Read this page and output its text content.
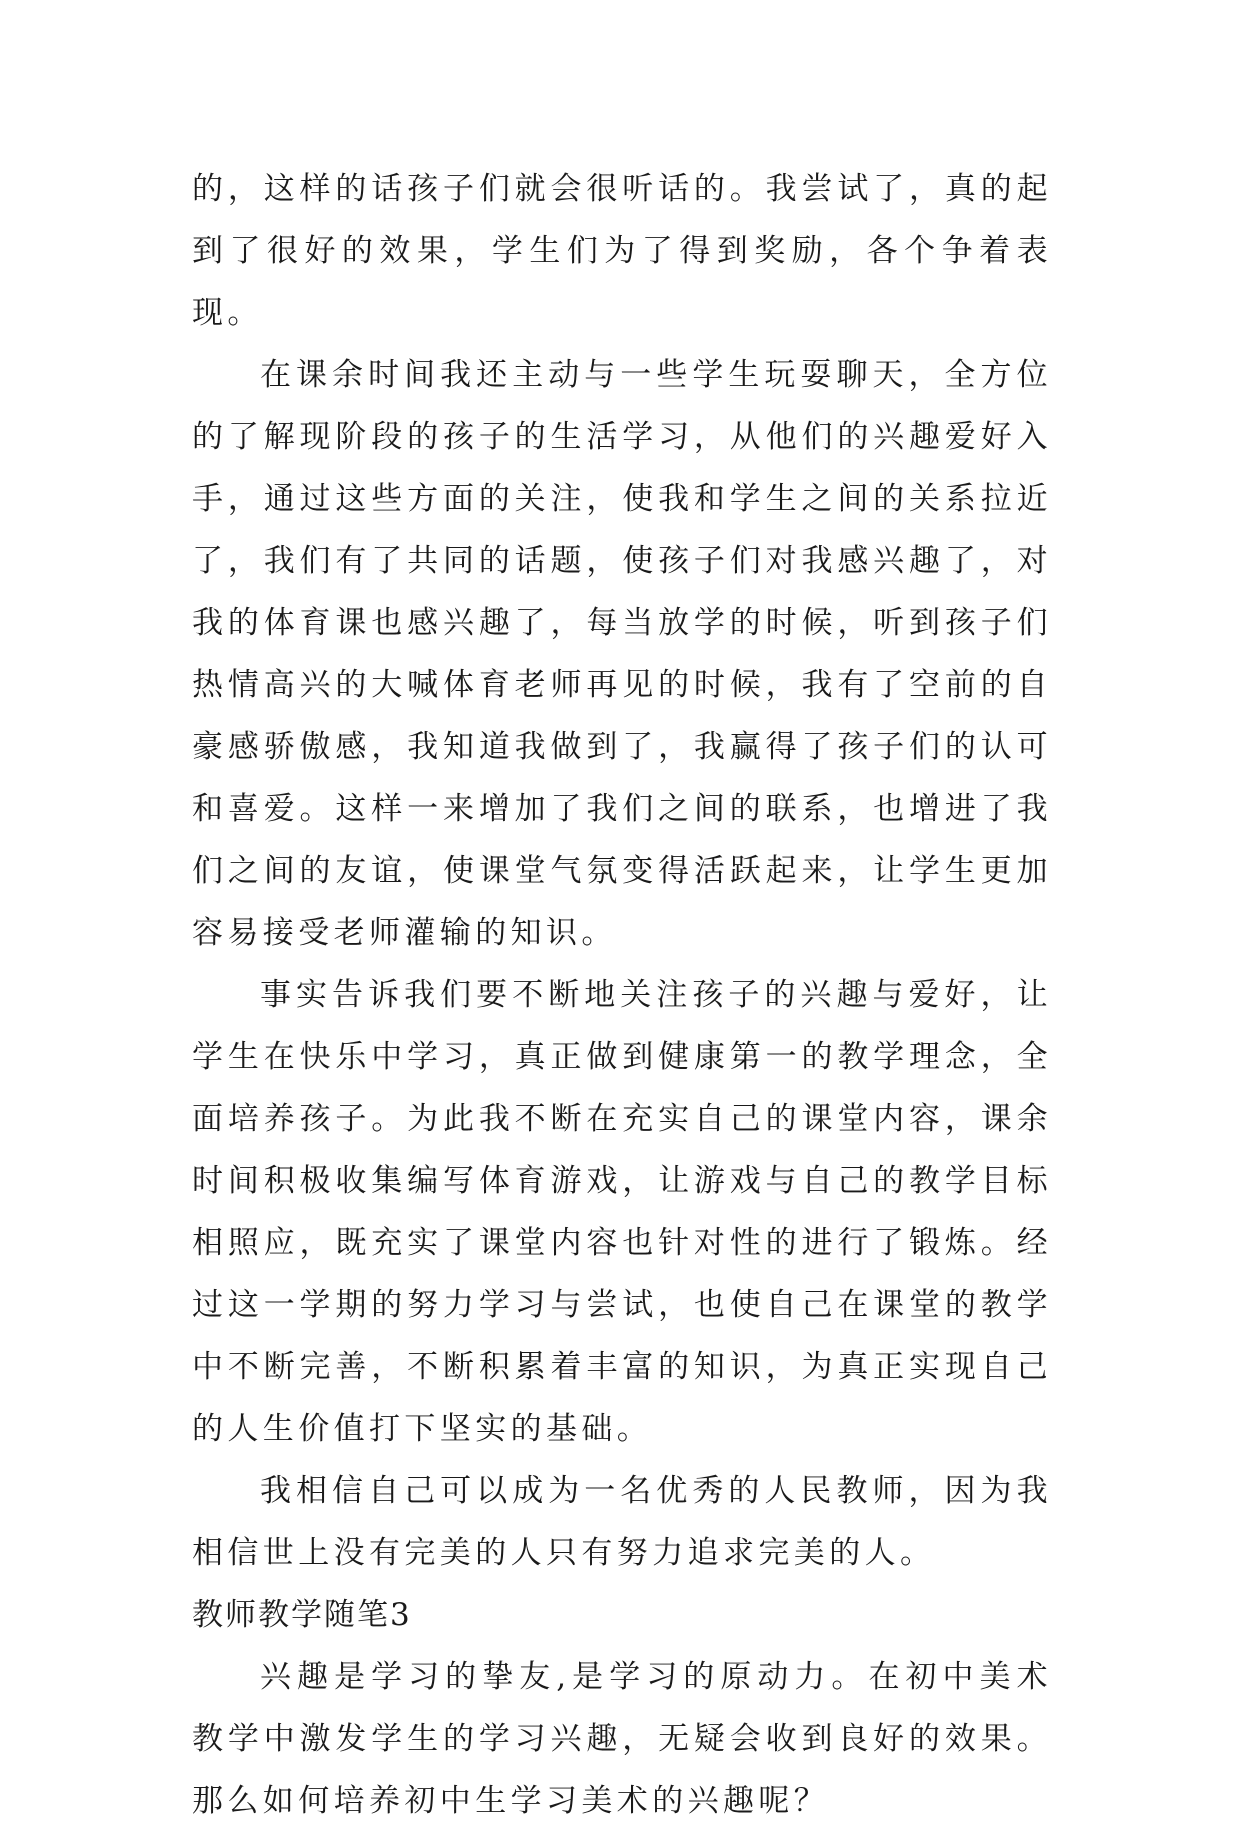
的，这样的话孩子们就会很听话的。我尝试了，真的起到了很好的效果，学生们为了得到奖励，各个争着表现。

在课余时间我还主动与一些学生玩耍聊天，全方位的了解现阶段的孩子的生活学习，从他们的兴趣爱好入手，通过这些方面的关注，使我和学生之间的关系拉近了，我们有了共同的话题，使孩子们对我感兴趣了，对我的体育课也感兴趣了，每当放学的时候，听到孩子们热情高兴的大喊体育老师再见的时候，我有了空前的自豪感骄傲感，我知道我做到了，我赢得了孩子们的认可和喜爱。这样一来增加了我们之间的联系，也增进了我们之间的友谊，使课堂气氛变得活跃起来，让学生更加容易接受老师灌输的知识。

事实告诉我们要不断地关注孩子的兴趣与爱好，让学生在快乐中学习，真正做到健康第一的教学理念，全面培养孩子。为此我不断在充实自己的课堂内容，课余时间积极收集编写体育游戏，让游戏与自己的教学目标相照应，既充实了课堂内容也针对性的进行了锻炼。经过这一学期的努力学习与尝试，也使自己在课堂的教学中不断完善，不断积累着丰富的知识，为真正实现自己的人生价值打下坚实的基础。

我相信自己可以成为一名优秀的人民教师，因为我相信世上没有完美的人只有努力追求完美的人。

教师教学随笔3

兴趣是学习的挚友,是学习的原动力。在初中美术教学中激发学生的学习兴趣，无疑会收到良好的效果。那么如何培养初中生学习美术的兴趣呢？
